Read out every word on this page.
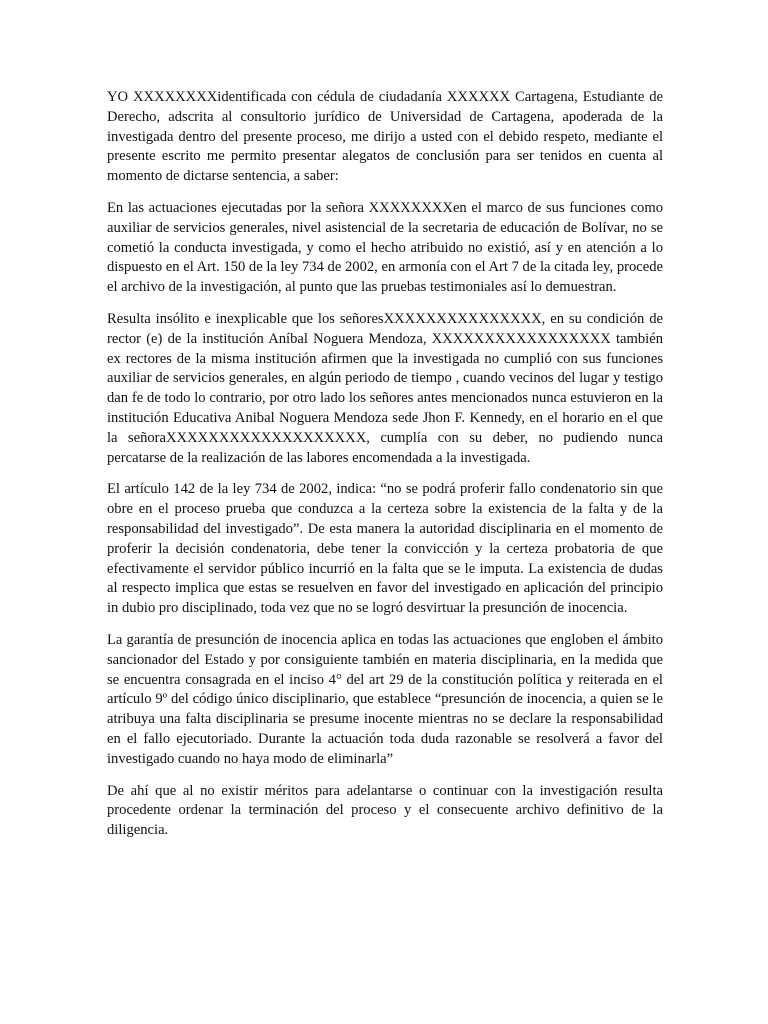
YO XXXXXXXXidentificada con cédula de ciudadanía XXXXXX Cartagena, Estudiante de Derecho, adscrita al consultorio jurídico de Universidad de Cartagena, apoderada de la investigada dentro del presente proceso, me dirijo a usted con el debido respeto, mediante el presente escrito me permito presentar alegatos de conclusión para ser tenidos en cuenta al momento de dictarse sentencia, a saber:

En las actuaciones ejecutadas por la señora XXXXXXXXen el marco de sus funciones como auxiliar de servicios generales, nivel asistencial de la secretaria de educación de Bolívar, no se cometió la conducta investigada, y como el hecho atribuido no existió, así y en atención a lo dispuesto en el Art. 150 de la ley 734 de 2002, en armonía con el Art 7 de la citada ley, procede el archivo de la investigación, al punto que las pruebas testimoniales así lo demuestran.

Resulta insólito e inexplicable que los señoresXXXXXXXXXXXXXXX, en su condición de rector (e) de la institución Aníbal Noguera Mendoza, XXXXXXXXXXXXXXXXX también ex rectores de la misma institución afirmen que la investigada no cumplió con sus funciones auxiliar de servicios generales, en algún periodo de tiempo , cuando vecinos del lugar y testigo dan fe de todo lo contrario, por otro lado los señores antes mencionados nunca estuvieron en la institución Educativa Anibal Noguera Mendoza sede Jhon F. Kennedy, en el horario en el que la señoraXXXXXXXXXXXXXXXXXXX, cumplía con su deber, no pudiendo nunca percatarse de la realización de las labores encomendada a la investigada.

El artículo 142 de la ley 734 de 2002, indica: “no se podrá proferir fallo condenatorio sin que obre en el proceso prueba que conduzca a la certeza sobre la existencia de la falta y de la responsabilidad del investigado”. De esta manera la autoridad disciplinaria en el momento de proferir la decisión condenatoria, debe tener la convicción y la certeza probatoria de que efectivamente el servidor público incurrió en la falta que se le imputa. La existencia de dudas al respecto implica que estas se resuelven en favor del investigado en aplicación del principio in dubio pro disciplinado, toda vez que no se logró desvirtuar la presunción de inocencia.

La garantía de presunción de inocencia aplica en todas las actuaciones que engloben el ámbito sancionador del Estado y por consiguiente también en materia disciplinaria, en la medida que se encuentra consagrada en el inciso 4° del art 29 de la constitución política y reiterada en el artículo 9º del código único disciplinario, que establece “presunción de inocencia, a quien se le atribuya una falta disciplinaria se presume inocente mientras no se declare la responsabilidad en el fallo ejecutoriado. Durante la actuación toda duda razonable se resolverá a favor del investigado cuando no haya modo de eliminarla”

De ahí que al no existir méritos para adelantarse o continuar con la investigación resulta procedente ordenar la terminación del proceso y el consecuente archivo definitivo de la diligencia.
